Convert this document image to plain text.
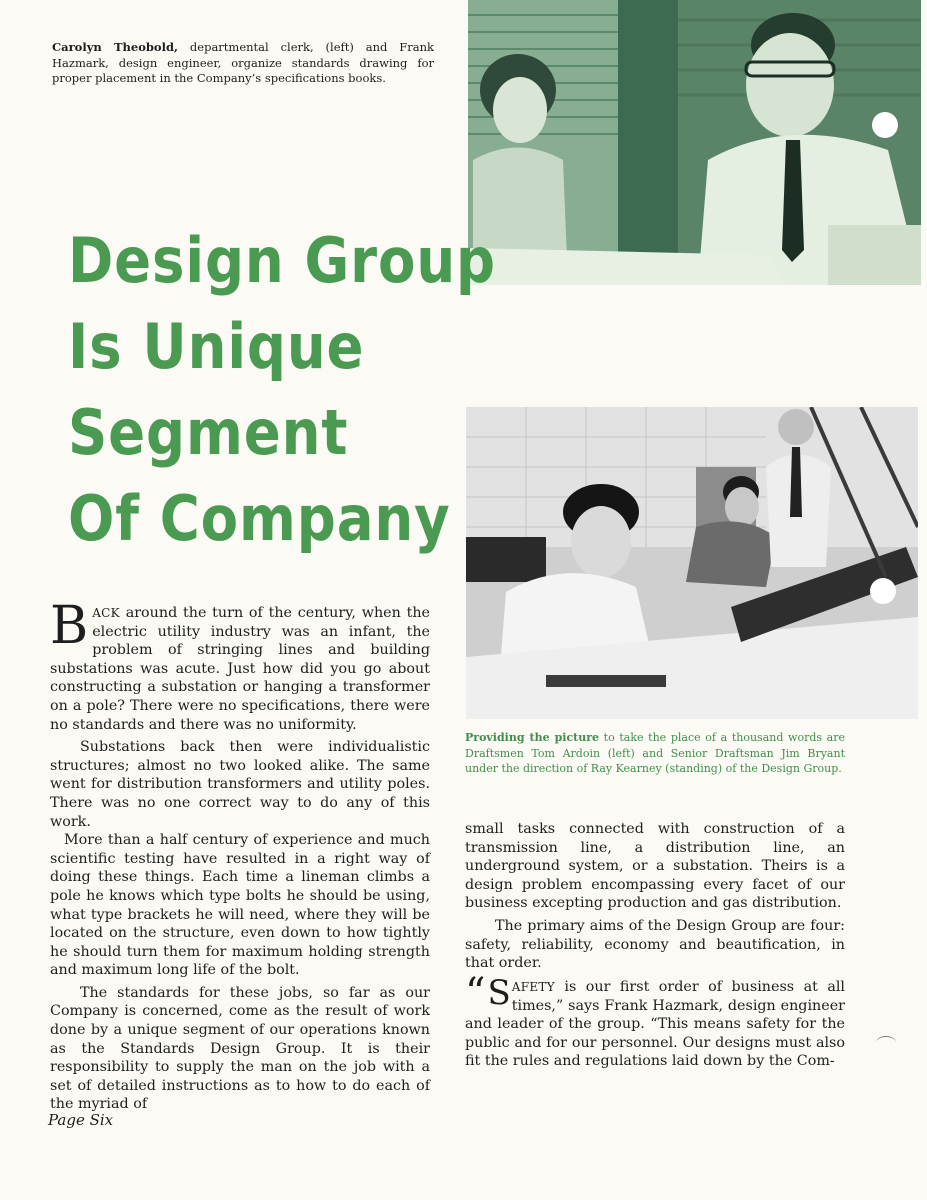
Carolyn Theobold, departmental clerk, (left) and Frank Hazmark, design engineer, organize standards drawing for proper placement in the Company’s specifications books.
Design Group
Is Unique Segment
Of Company
Providing the picture to take the place of a thousand words are Draftsmen Tom Ardoin (left) and Senior Draftsman Jim Bryant under the direction of Ray Kearney (standing) of the Design Group.

BACK around the turn of the century, when the electric utility industry was an infant, the problem of stringing lines and building substations was acute. Just how did you go about constructing a substation or hanging a transformer on a pole? There were no specifications, there were no standards and there was no uniformity.

Substations back then were individualistic structures; almost no two looked alike. The same went for distribution transformers and utility poles. There was no one correct way to do any of this work.

More than a half century of experience and much scientific testing have resulted in a right way of doing these things. Each time a lineman climbs a pole he knows which type bolts he should be using, what type brackets he will need, where they will be located on the structure, even down to how tightly he should turn them for maximum holding strength and maximum long life of the bolt.

The standards for these jobs, so far as our Company is concerned, come as the result of work done by a unique segment of our operations known as the Standards Design Group. It is their responsibility to supply the man on the job with a set of detailed instructions as to how to do each of the myriad of

small tasks connected with construction of a transmission line, a distribution line, an underground system, or a substation. Theirs is a design problem encompassing every facet of our business excepting production and gas distribution.

The primary aims of the Design Group are four: safety, reliability, economy and beautification, in that order.

“ S AFETY is our first order of business at all times,” says Frank Hazmark, design engineer and leader of the group. “This means safety for the public and for our personnel. Our designs must also fit the rules and regulations laid down by the Com-

Page Six
